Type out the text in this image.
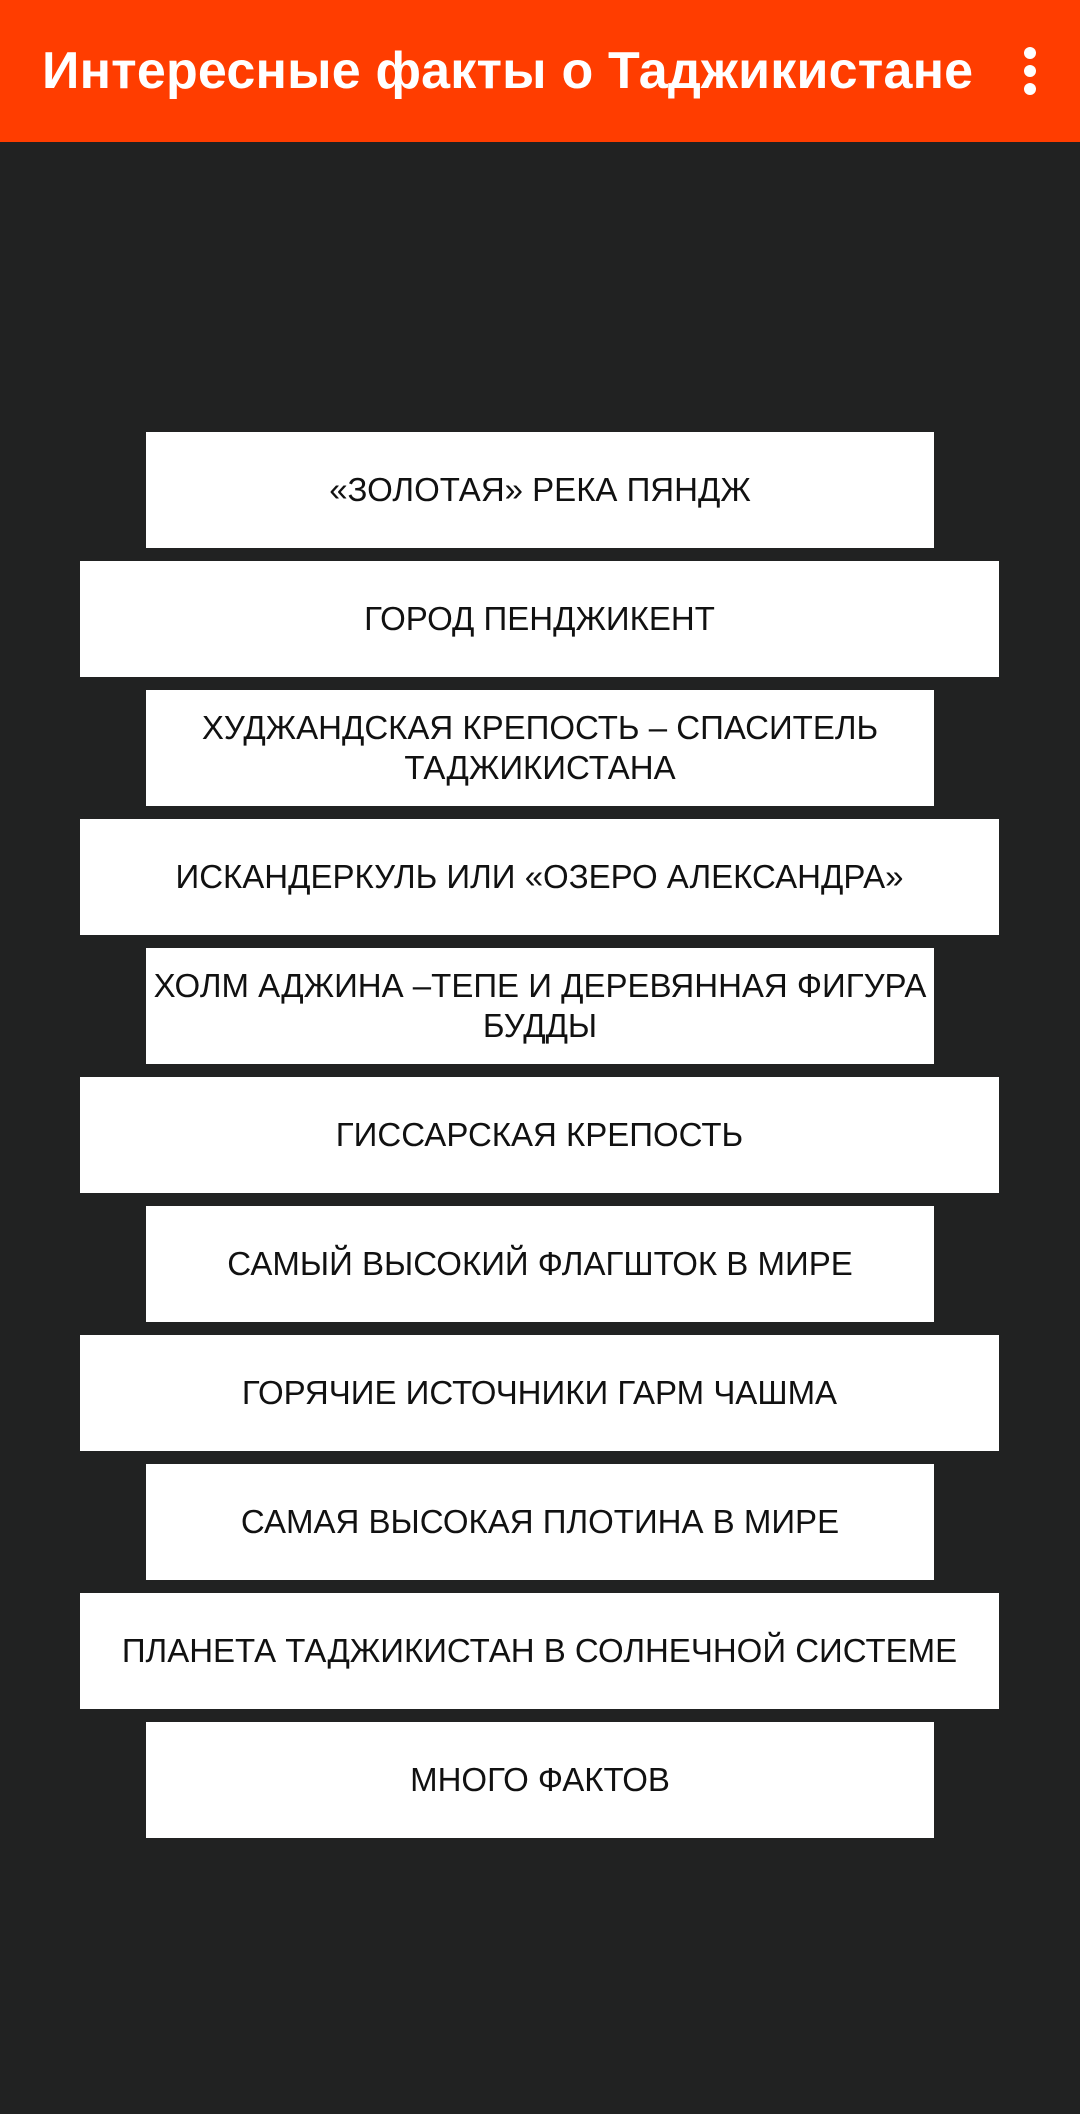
Интересные факты о Таджикистане
«ЗОЛОТАЯ» РЕКА ПЯНДЖ
ГОРОД ПЕНДЖИКЕНТ
ХУДЖАНДСКАЯ КРЕПОСТЬ – СПАСИТЕЛЬ ТАДЖИКИСТАНА
ИСКАНДЕРКУЛЬ ИЛИ «ОЗЕРО АЛЕКСАНДРА»
ХОЛМ АДЖИНА –ТЕПЕ И ДЕРЕВЯННАЯ ФИГУРА БУДДЫ
ГИССАРСКАЯ КРЕПОСТЬ
САМЫЙ ВЫСОКИЙ ФЛАГШТОК В МИРЕ
ГОРЯЧИЕ ИСТОЧНИКИ ГАРМ ЧАШМА
САМАЯ ВЫСОКАЯ ПЛОТИНА В МИРЕ
ПЛАНЕТА ТАДЖИКИСТАН В СОЛНЕЧНОЙ СИСТЕМЕ
МНОГО ФАКТОВ
